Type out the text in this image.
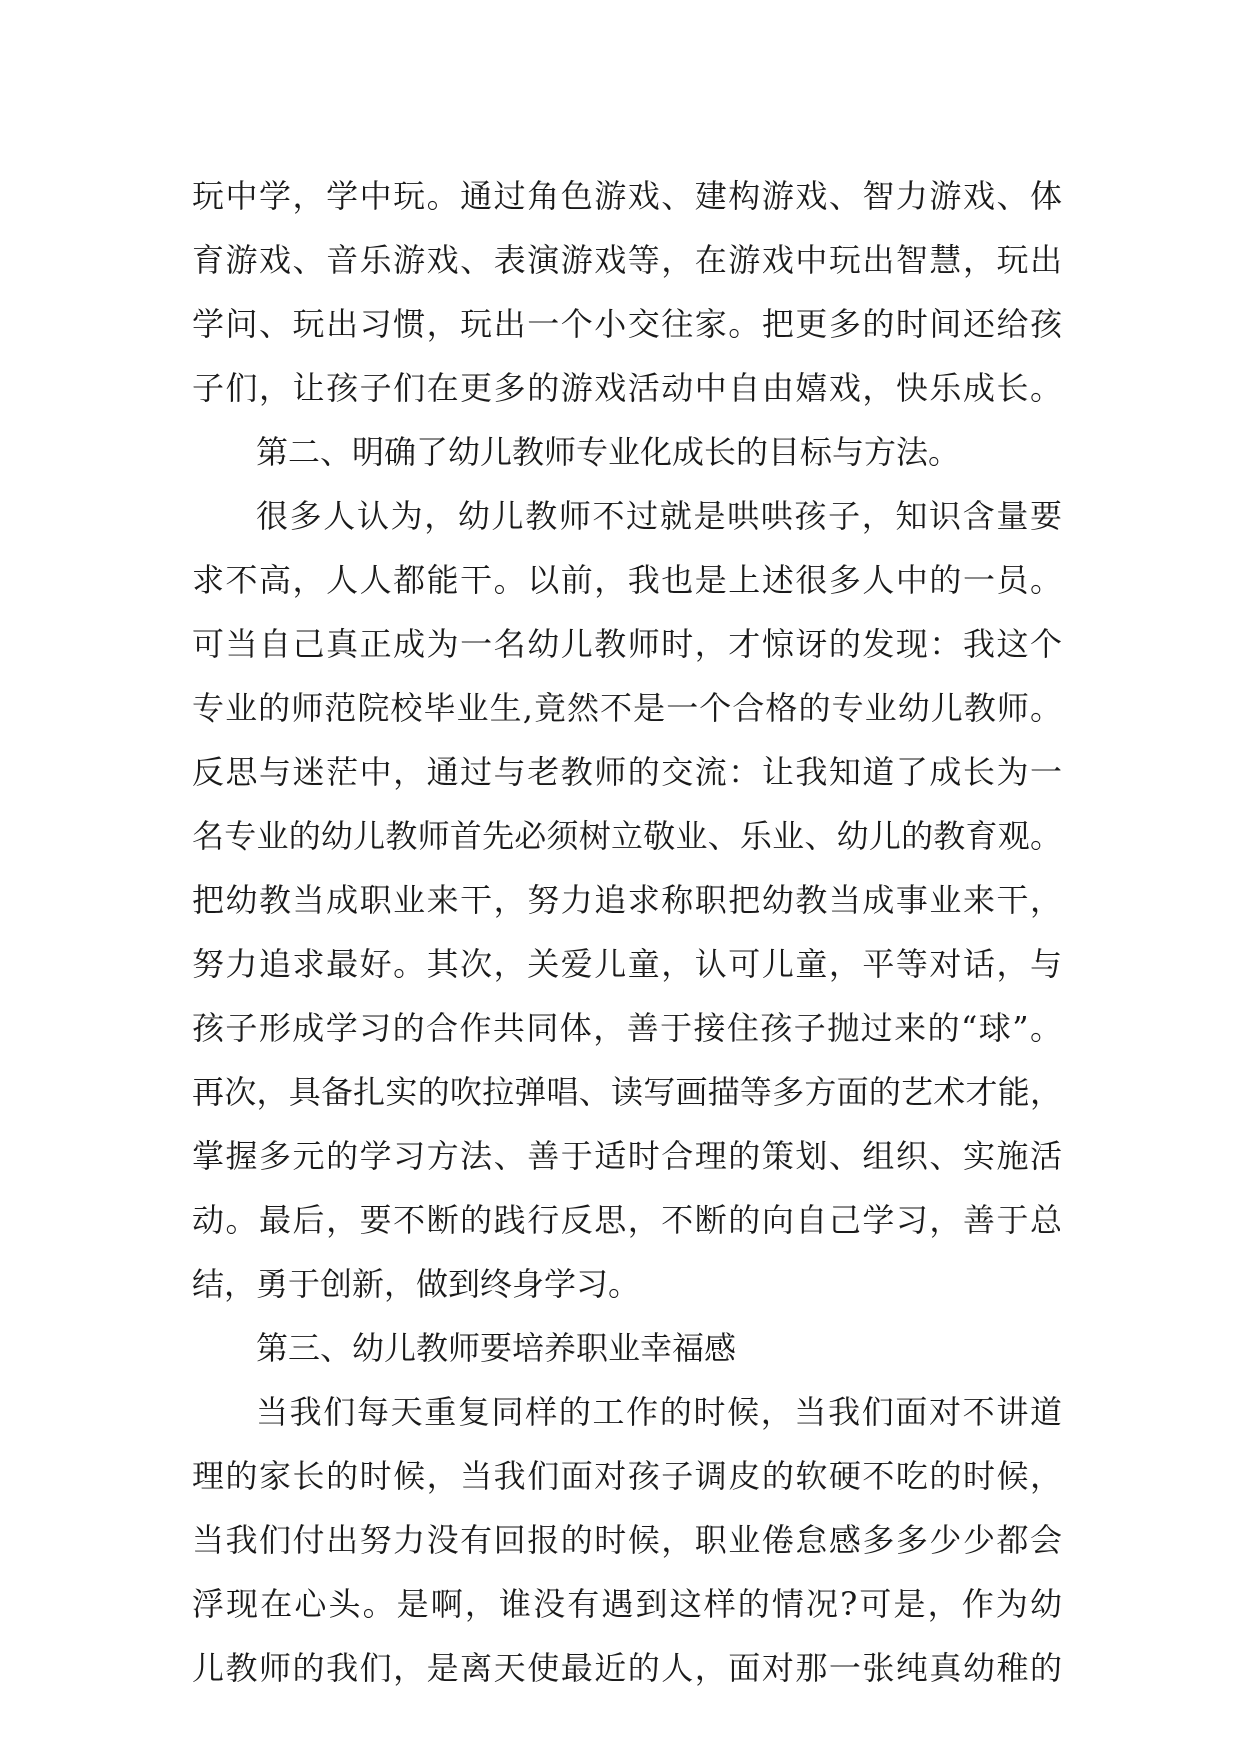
玩中学，学中玩。通过角色游戏、建构游戏、智力游戏、体
育游戏、音乐游戏、表演游戏等，在游戏中玩出智慧，玩出
学问、玩出习惯，玩出一个小交往家。把更多的时间还给孩
子们，让孩子们在更多的游戏活动中自由嬉戏，快乐成长。
第二、明确了幼儿教师专业化成长的目标与方法。
很多人认为，幼儿教师不过就是哄哄孩子，知识含量要
求不高，人人都能干。以前，我也是上述很多人中的一员。
可当自己真正成为一名幼儿教师时，才惊讶的发现：我这个
专业的师范院校毕业生,竟然不是一个合格的专业幼儿教师。
反思与迷茫中，通过与老教师的交流：让我知道了成长为一
名专业的幼儿教师首先必须树立敬业、乐业、幼儿的教育观。
把幼教当成职业来干，努力追求称职把幼教当成事业来干，
努力追求最好。其次，关爱儿童，认可儿童，平等对话，与
孩子形成学习的合作共同体，善于接住孩子抛过来的“球”。
再次，具备扎实的吹拉弹唱、读写画描等多方面的艺术才能，
掌握多元的学习方法、善于适时合理的策划、组织、实施活
动。最后，要不断的践行反思，不断的向自己学习，善于总
结，勇于创新，做到终身学习。
第三、幼儿教师要培养职业幸福感
当我们每天重复同样的工作的时候，当我们面对不讲道
理的家长的时候，当我们面对孩子调皮的软硬不吃的时候，
当我们付出努力没有回报的时候，职业倦怠感多多少少都会
浮现在心头。是啊，谁没有遇到这样的情况?可是，作为幼
儿教师的我们，是离天使最近的人，面对那一张纯真幼稚的
